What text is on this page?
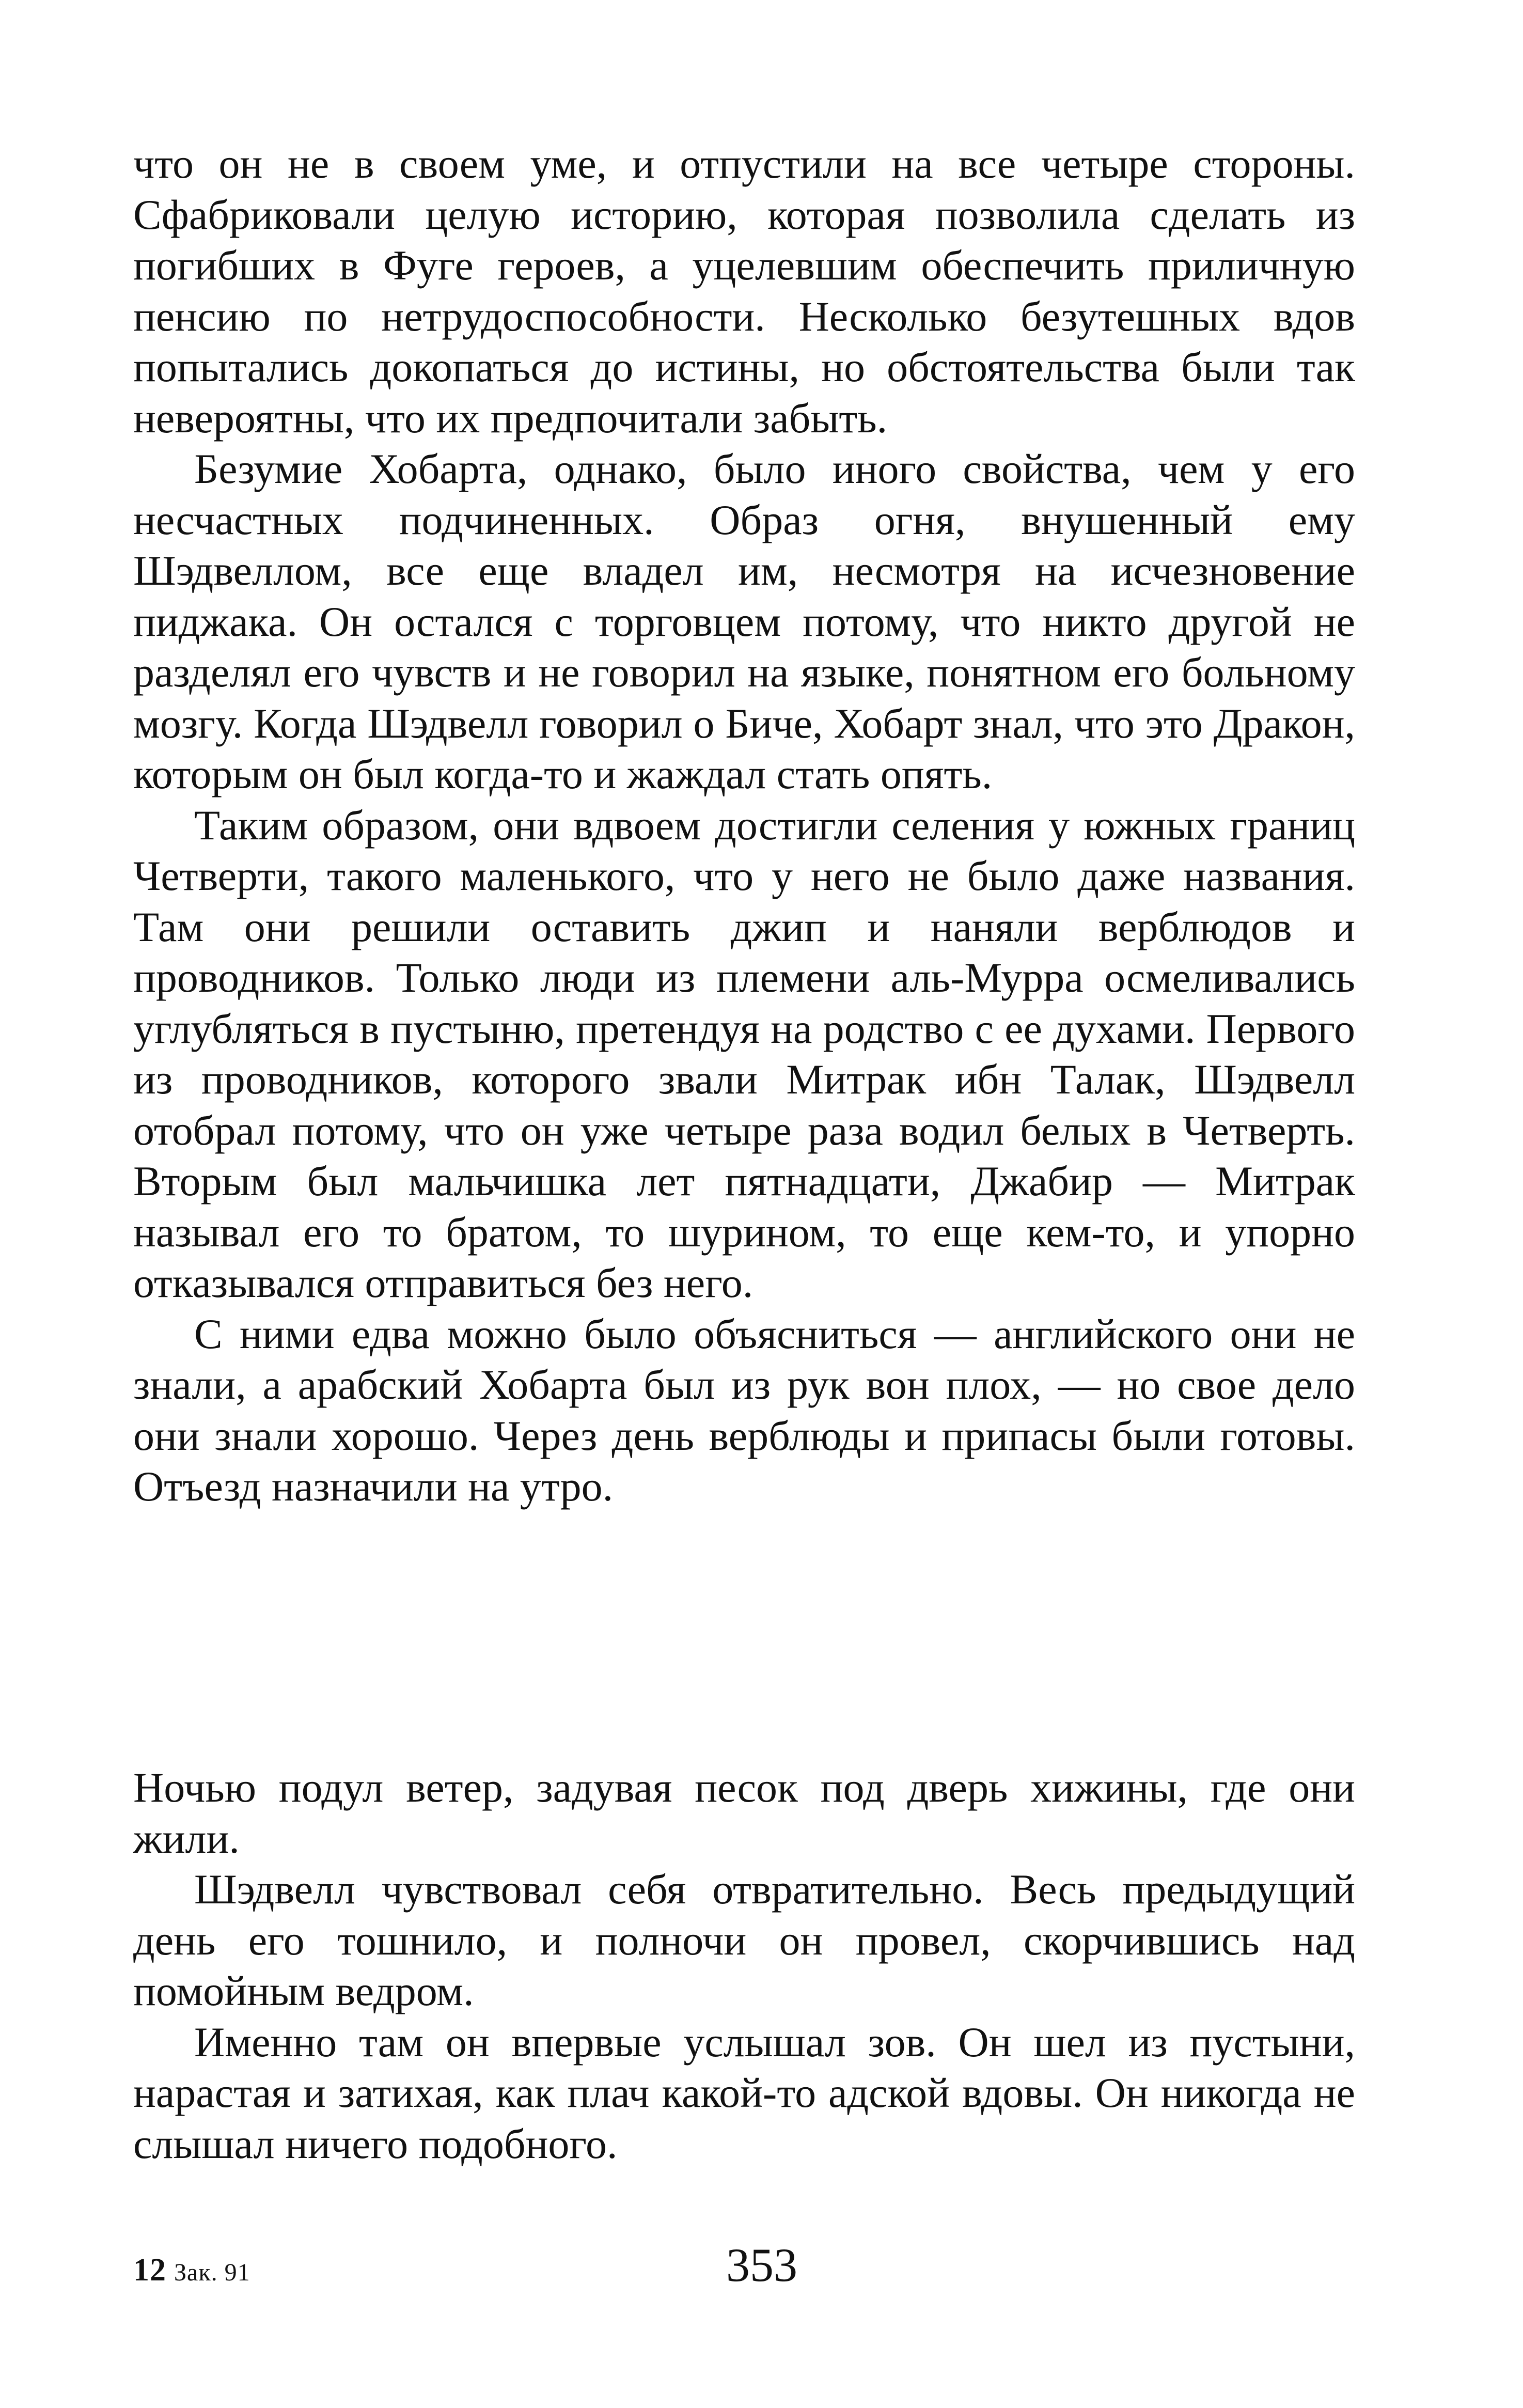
что он не в своем уме, и отпустили на все четыре стороны. Сфабриковали целую историю, которая позволила сделать из погибших в Фуге героев, а уцелевшим обеспечить приличную пенсию по нетрудоспособности. Несколько безутешных вдов попытались докопаться до истины, но обстоятельства были так невероятны, что их предпочитали забыть.

Безумие Хобарта, однако, было иного свойства, чем у его несчастных подчиненных. Образ огня, внушенный ему Шэдвеллом, все еще владел им, несмотря на исчезновение пиджака. Он остался с торговцем потому, что никто другой не разделял его чувств и не говорил на языке, понятном его больному мозгу. Когда Шэдвелл говорил о Биче, Хобарт знал, что это Дракон, которым он был когда-то и жаждал стать опять.

Таким образом, они вдвоем достигли селения у южных границ Четверти, такого маленького, что у него не было даже названия. Там они решили оставить джип и наняли верблюдов и проводников. Только люди из племени аль-Мурра осмеливались углубляться в пустыню, претендуя на родство с ее духами. Первого из проводников, которого звали Митрак ибн Талак, Шэдвелл отобрал потому, что он уже четыре раза водил белых в Четверть. Вторым был мальчишка лет пятнадцати, Джабир — Митрак называл его то братом, то шурином, то еще кем-то, и упорно отказывался отправиться без него.

С ними едва можно было объясниться — английского они не знали, а арабский Хобарта был из рук вон плох, — но свое дело они знали хорошо. Через день верблюды и припасы были готовы. Отъезд назначили на утро.

Ночью подул ветер, задувая песок под дверь хижины, где они жили.

Шэдвелл чувствовал себя отвратительно. Весь предыдущий день его тошнило, и полночи он провел, скорчившись над помойным ведром.

Именно там он впервые услышал зов. Он шел из пустыни, нарастая и затихая, как плач какой-то адской вдовы. Он никогда не слышал ничего подобного.

12 Зак. 91	353
